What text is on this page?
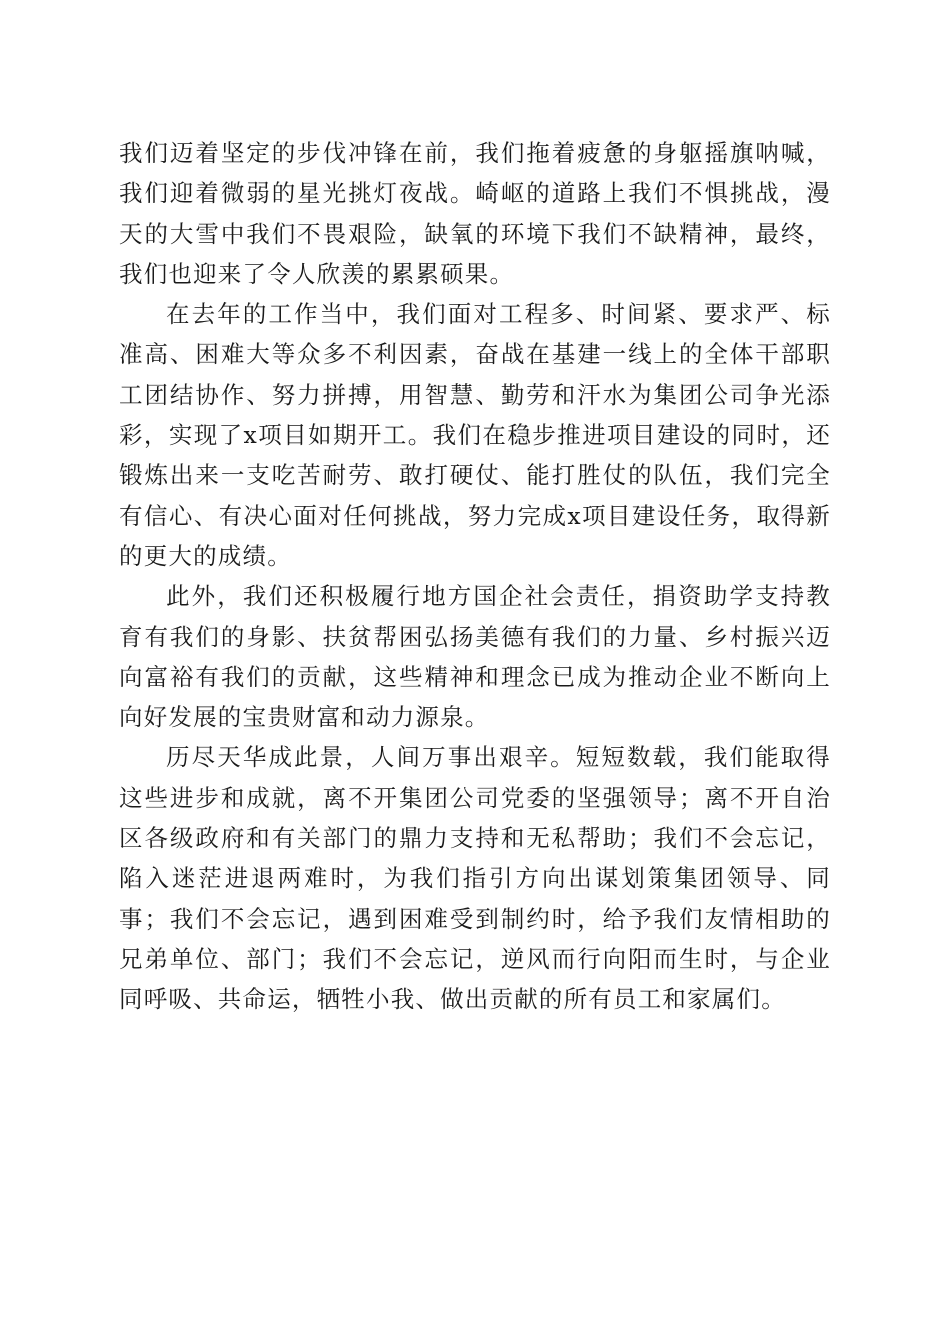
我们迈着坚定的步伐冲锋在前，我们拖着疲惫的身躯摇旗呐喊，我们迎着微弱的星光挑灯夜战。崎岖的道路上我们不惧挑战，漫天的大雪中我们不畏艰险，缺氧的环境下我们不缺精神，最终，我们也迎来了令人欣羡的累累硕果。

在去年的工作当中，我们面对工程多、时间紧、要求严、标准高、困难大等众多不利因素，奋战在基建一线上的全体干部职工团结协作、努力拼搏，用智慧、勤劳和汗水为集团公司争光添彩，实现了x项目如期开工。我们在稳步推进项目建设的同时，还锻炼出来一支吃苦耐劳、敢打硬仗、能打胜仗的队伍，我们完全有信心、有决心面对任何挑战，努力完成x项目建设任务，取得新的更大的成绩。

此外，我们还积极履行地方国企社会责任，捐资助学支持教育有我们的身影、扶贫帮困弘扬美德有我们的力量、乡村振兴迈向富裕有我们的贡献，这些精神和理念已成为推动企业不断向上向好发展的宝贵财富和动力源泉。

历尽天华成此景，人间万事出艰辛。短短数载，我们能取得这些进步和成就，离不开集团公司党委的坚强领导；离不开自治区各级政府和有关部门的鼎力支持和无私帮助；我们不会忘记，陷入迷茫进退两难时，为我们指引方向出谋划策集团领导、同事；我们不会忘记，遇到困难受到制约时，给予我们友情相助的兄弟单位、部门；我们不会忘记，逆风而行向阳而生时，与企业同呼吸、共命运，牺牲小我、做出贡献的所有员工和家属们。
